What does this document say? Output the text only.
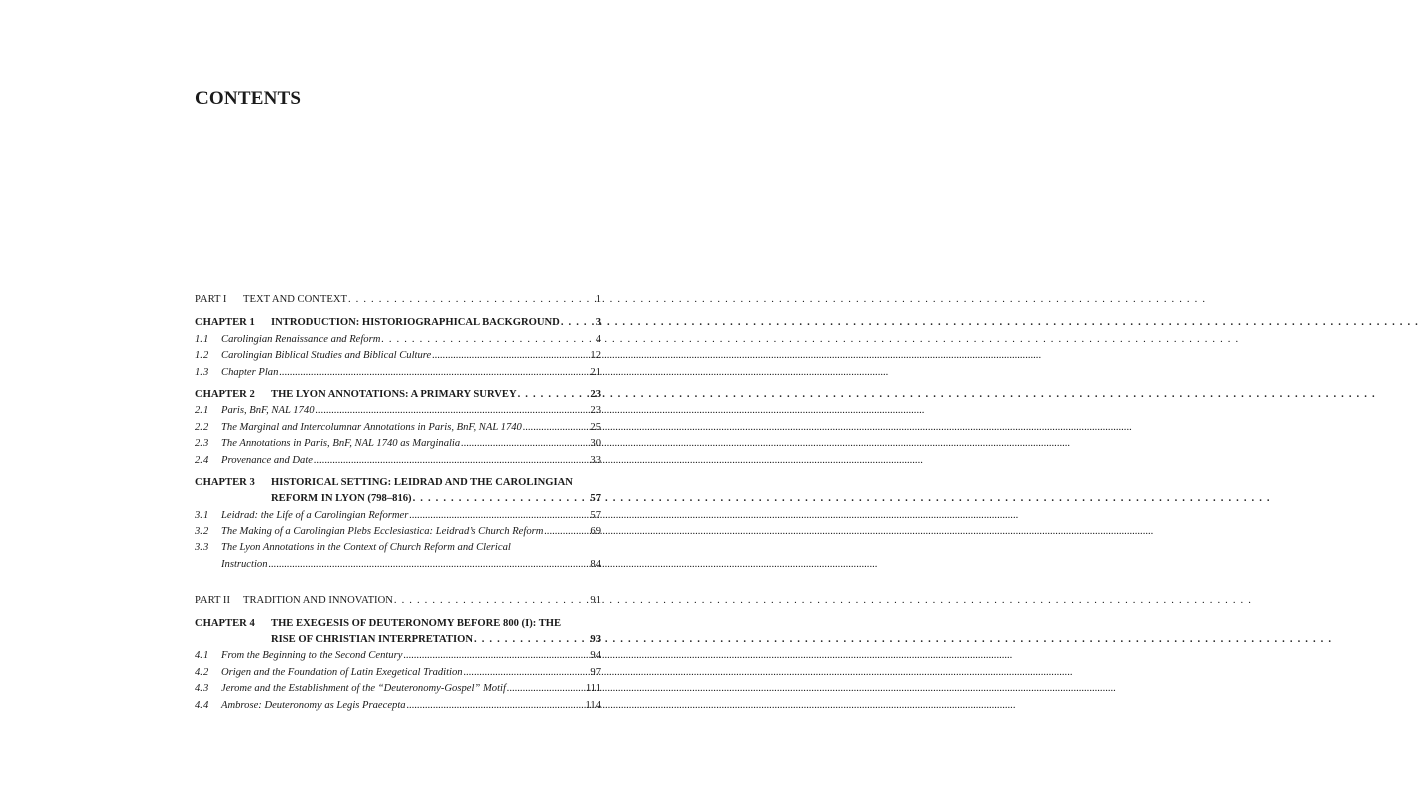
CONTENTS
PART I	TEXT AND CONTEXT . . .	1
CHAPTER 1	INTRODUCTION: HISTORIOGRAPHICAL BACKGROUND . . .	3
1.1	Carolingian Renaissance and Reform . . .	4
1.2	Carolingian Biblical Studies and Biblical Culture .....	12
1.3	Chapter Plan .....	21
CHAPTER 2	THE LYON ANNOTATIONS: A PRIMARY SURVEY . . .	23
2.1	Paris, BnF, NAL 1740 .....	23
2.2	The Marginal and Intercolumnar Annotations in Paris, BnF, NAL 1740 .....	25
2.3	The Annotations in Paris, BnF, NAL 1740 as Marginalia .....	30
2.4	Provenance and Date .....	33
CHAPTER 3	HISTORICAL SETTING: LEIDRAD AND THE CAROLINGIAN
REFORM IN LYON (798–816) . . .	57
3.1	Leidrad: the Life of a Carolingian Reformer .....	57
3.2	The Making of a Carolingian Plebs Ecclesiastica: Leidrad’s Church Reform .....	69
3.3	The Lyon Annotations in the Context of Church Reform and Clerical
Instruction .....	84
PART II	TRADITION AND INNOVATION . . .	91
CHAPTER 4	THE EXEGESIS OF DEUTERONOMY BEFORE 800 (I): THE
RISE OF CHRISTIAN INTERPRETATION . . .	93
4.1	From the Beginning to the Second Century .....	94
4.2	Origen and the Foundation of Latin Exegetical Tradition .....	97
4.3	Jerome and the Establishment of the “Deuteronomy-Gospel” Motif .....	111
4.4	Ambrose: Deuteronomy as Legis Praecepta .....	114
